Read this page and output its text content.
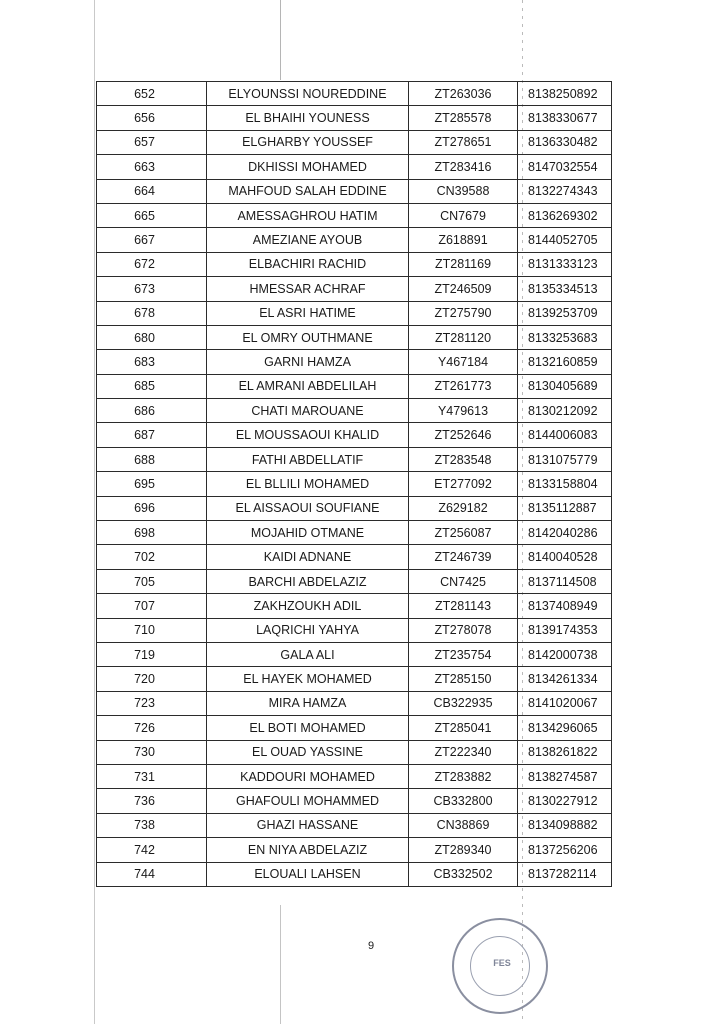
652	ELYOUNSSI NOUREDDINE	ZT263036	8138250892
656	EL BHAIHI YOUNESS	ZT285578	8138330677
657	ELGHARBY YOUSSEF	ZT278651	8136330482
663	DKHISSI MOHAMED	ZT283416	8147032554
664	MAHFOUD SALAH EDDINE	CN39588	8132274343
665	AMESSAGHROU HATIM	CN7679	8136269302
667	AMEZIANE AYOUB	Z618891	8144052705
672	ELBACHIRI RACHID	ZT281169	8131333123
673	HMESSAR ACHRAF	ZT246509	8135334513
678	EL ASRI HATIME	ZT275790	8139253709
680	EL OMRY OUTHMANE	ZT281120	8133253683
683	GARNI HAMZA	Y467184	8132160859
685	EL AMRANI ABDELILAH	ZT261773	8130405689
686	CHATI MAROUANE	Y479613	8130212092
687	EL MOUSSAOUI KHALID	ZT252646	8144006083
688	FATHI ABDELLATIF	ZT283548	8131075779
695	EL BLLILI MOHAMED	ET277092	8133158804
696	EL AISSAOUI SOUFIANE	Z629182	8135112887
698	MOJAHID OTMANE	ZT256087	8142040286
702	KAIDI ADNANE	ZT246739	8140040528
705	BARCHI ABDELAZIZ	CN7425	8137114508
707	ZAKHZOUKH ADIL	ZT281143	8137408949
710	LAQRICHI YAHYA	ZT278078	8139174353
719	GALA ALI	ZT235754	8142000738
720	EL HAYEK MOHAMED	ZT285150	8134261334
723	MIRA HAMZA	CB322935	8141020067
726	EL BOTI MOHAMED	ZT285041	8134296065
730	EL OUAD YASSINE	ZT222340	8138261822
731	KADDOURI MOHAMED	ZT283882	8138274587
736	GHAFOULI MOHAMMED	CB332800	8130227912
738	GHAZI HASSANE	CN38869	8134098882
742	EN NIYA ABDELAZIZ	ZT289340	8137256206
744	ELOUALI LAHSEN	CB332502	8137282114
9
FES
